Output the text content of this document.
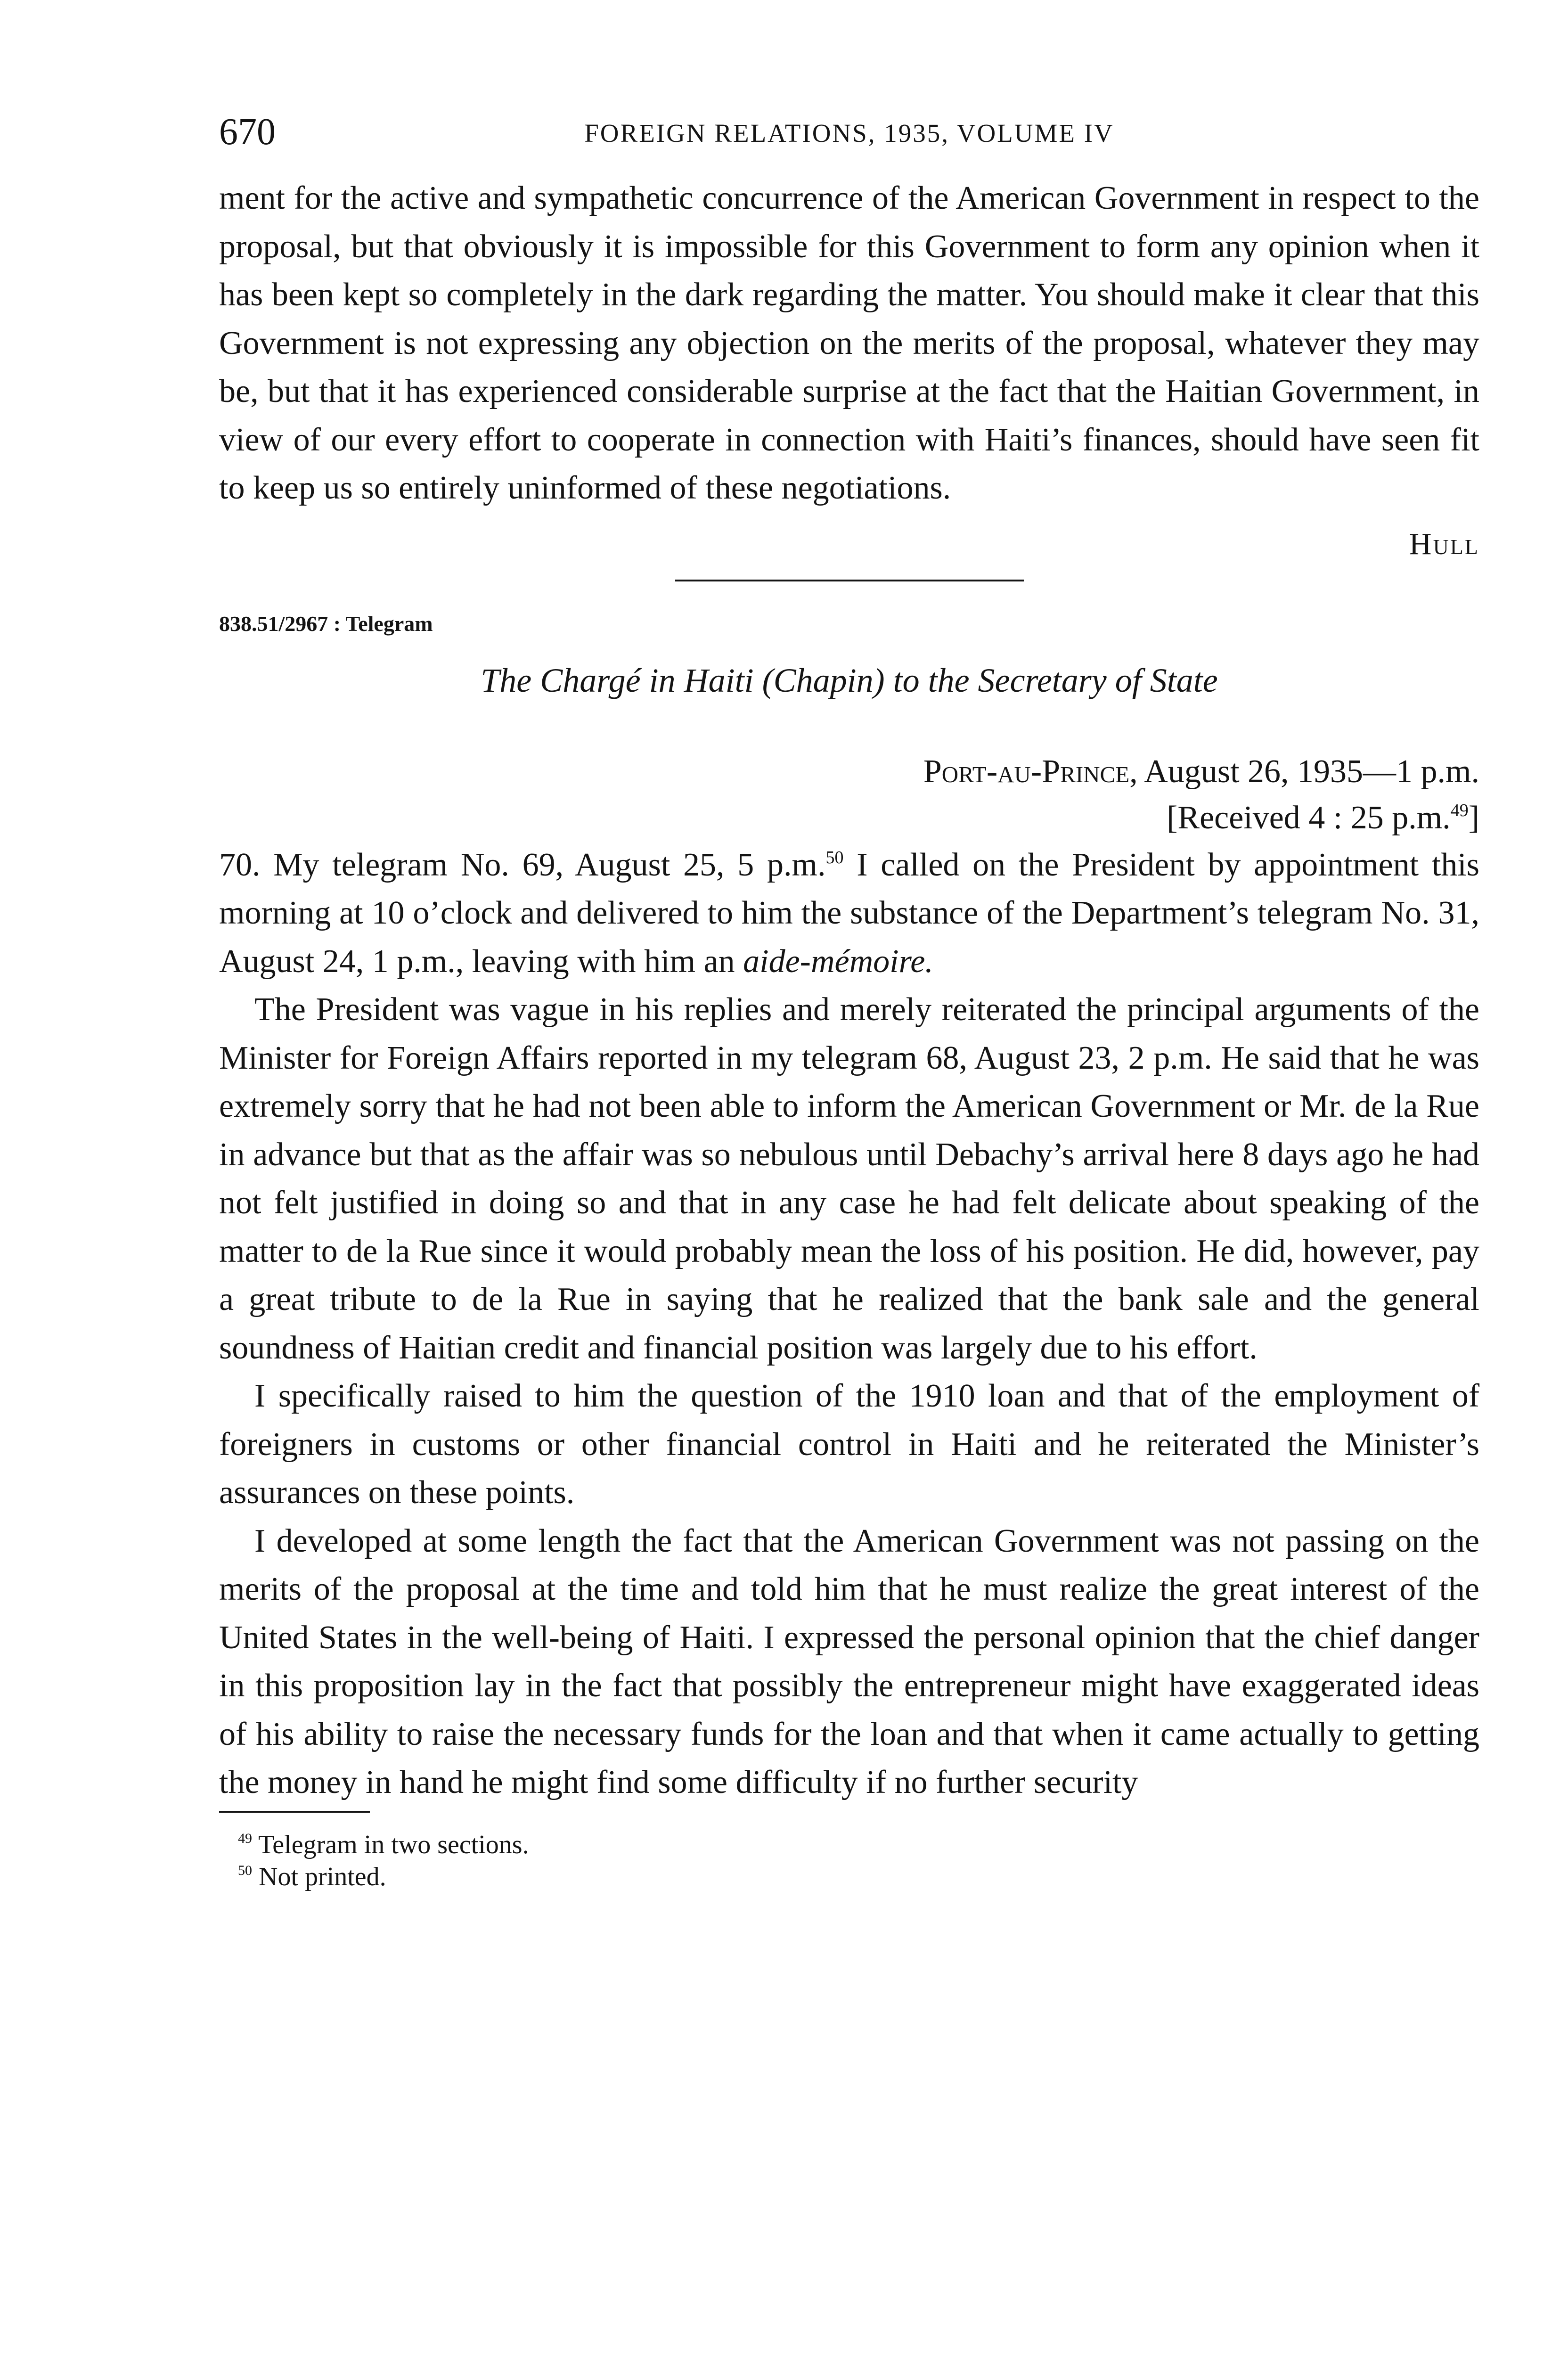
670	FOREIGN RELATIONS, 1935, VOLUME IV

ment for the active and sympathetic concurrence of the American Government in respect to the proposal, but that obviously it is impossible for this Government to form any opinion when it has been kept so completely in the dark regarding the matter. You should make it clear that this Government is not expressing any objection on the merits of the proposal, whatever they may be, but that it has experienced considerable surprise at the fact that the Haitian Government, in view of our every effort to cooperate in connection with Haiti’s finances, should have seen fit to keep us so entirely uninformed of these negotiations.

Hull
838.51/2967 : Telegram
The Chargé in Haiti (Chapin) to the Secretary of State
Port-au-Prince, August 26, 1935—1 p.m.
[Received 4 : 25 p.m.$^{49}$]

70. My telegram No. 69, August 25, 5 p.m.$^{50}$ I called on the President by appointment this morning at 10 o’clock and delivered to him the substance of the Department’s telegram No. 31, August 24, 1 p.m., leaving with him an aide-mémoire.

The President was vague in his replies and merely reiterated the principal arguments of the Minister for Foreign Affairs reported in my telegram 68, August 23, 2 p.m. He said that he was extremely sorry that he had not been able to inform the American Government or Mr. de la Rue in advance but that as the affair was so nebulous until Debachy’s arrival here 8 days ago he had not felt justified in doing so and that in any case he had felt delicate about speaking of the matter to de la Rue since it would probably mean the loss of his position. He did, however, pay a great tribute to de la Rue in saying that he realized that the bank sale and the general soundness of Haitian credit and financial position was largely due to his effort.

I specifically raised to him the question of the 1910 loan and that of the employment of foreigners in customs or other financial control in Haiti and he reiterated the Minister’s assurances on these points.

I developed at some length the fact that the American Government was not passing on the merits of the proposal at the time and told him that he must realize the great interest of the United States in the well-being of Haiti. I expressed the personal opinion that the chief danger in this proposition lay in the fact that possibly the entrepreneur might have exaggerated ideas of his ability to raise the necessary funds for the loan and that when it came actually to getting the money in hand he might find some difficulty if no further security

$^{49}$ Telegram in two sections.
$^{50}$ Not printed.
